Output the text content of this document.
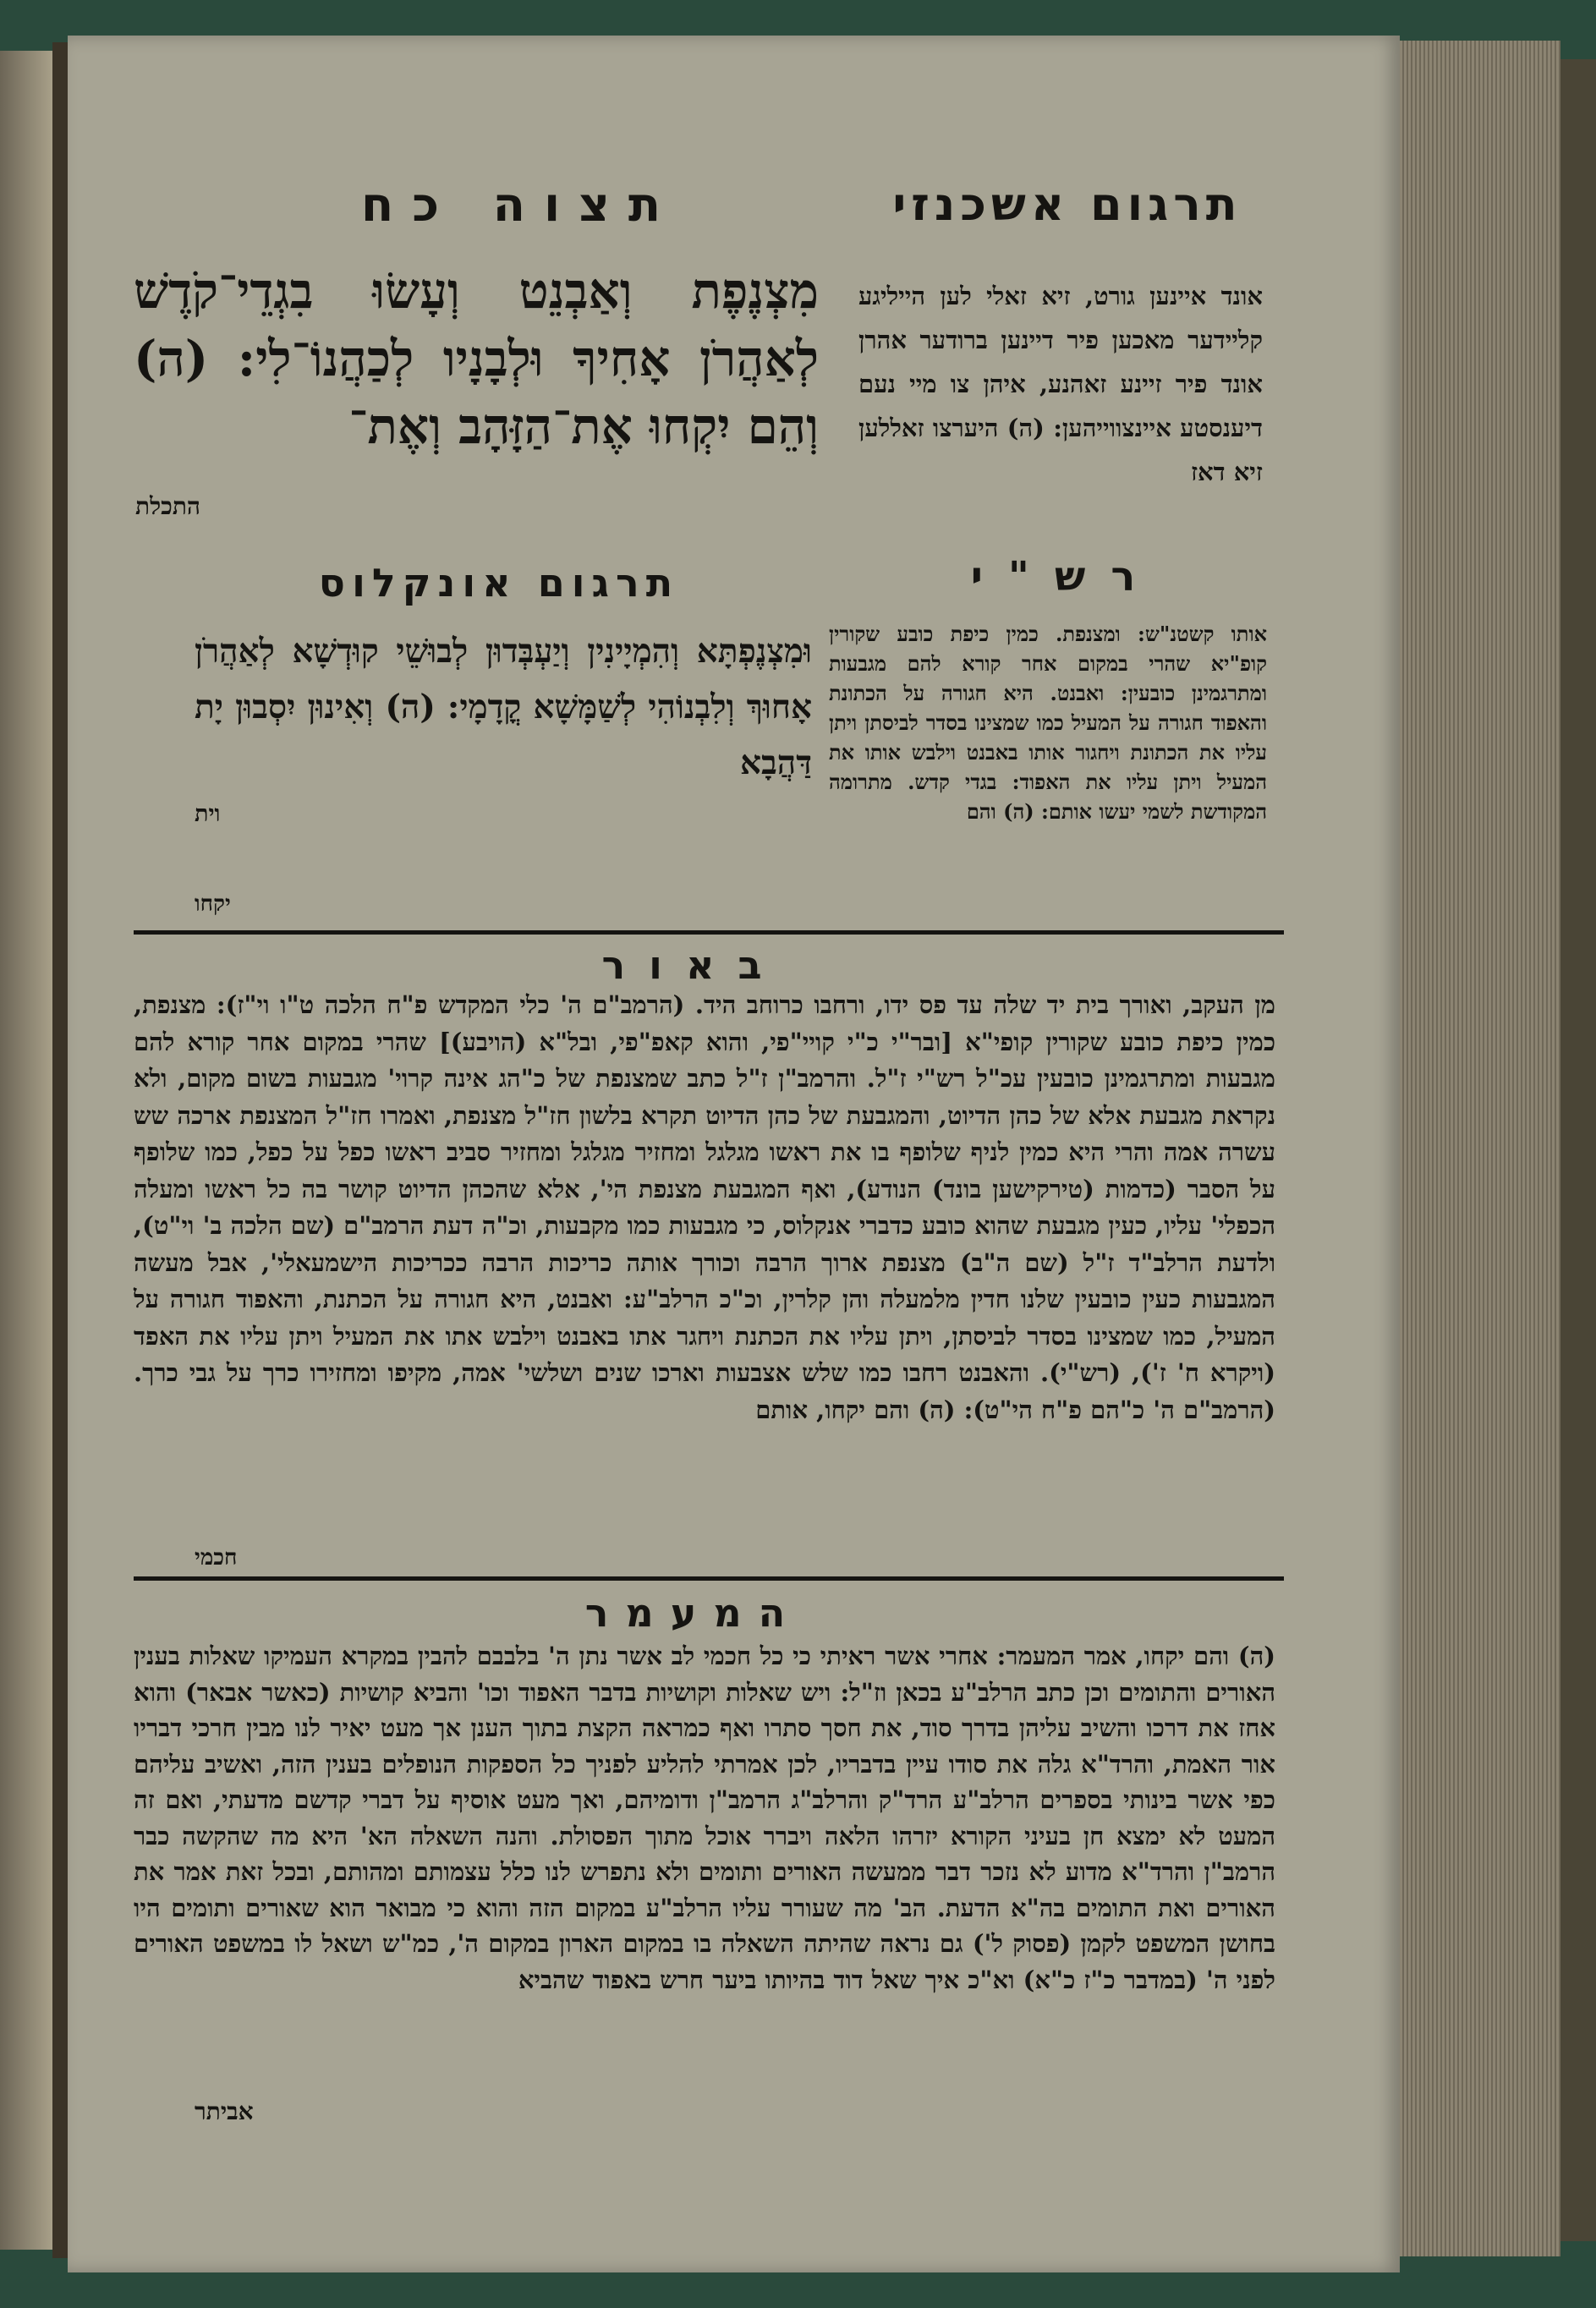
תרגום אשכנזי
תצוה כח

מִצְנֶפֶת וְאַבְנֵט וְעָשׂוּ בִגְדֵי־קֹדֶשׁ לְאַהֲרֹן אָחִיךָ וּלְבָנָיו לְכַהֲנוֹ־לִי: (ה) וְהֵם יִקְחוּ אֶת־הַזָּהָב וְאֶת־

התכלת

אונד איינען גורט, זיא זאלי לען הייליגע קליידער מאכען פיר דיינען ברודער אהרן אונד פיר זיינע זאהנע, איהן צו מיי נעם דיענסטע איינצווייהען: (ה) היערצו זאללען זיא דאז

רש"י
תרגום אונקלוס

וּמִצְנֶפְתָּא וְהִמְיָינִין וְיַעְבְּדוּן לְבוּשֵׁי קוּדְשָׁא לְאַהֲרֹן אָחוּךְ וְלִבְנוֹהִי לְשַׁמָּשָׁא קֳדָמָי: (ה) וְאִינוּן יִסְבוּן יָת דַּהֲבָא

וית

אותו קשטנ"ש: ומצנפת. כמין כיפת כובע שקורין קופ"יא שהרי במקום אחר קורא להם מגבעות ומתרגמינן כובעין: ואבנט. היא חגורה על הכתונת והאפוד חגורה על המעיל כמו שמצינו בסדר לביסתן ויתן עליו את הכתונת ויחגור אותו באבנט וילבש אותו את המעיל ויתן עליו את האפוד: בגדי קדש. מתרומה המקודשת לשמי יעשו אותם: (ה) והם

יקחו
באור

מן העקב, ואורך בית יד שלה עד פס ידו, ורחבו כרוחב היד. (הרמב"ם ה' כלי המקדש פ"ח הלכה ט"ו וי"ז): מצנפת, כמין כיפת כובע שקורין קופי"א [ובר"י כ"י קויי"פי, והוא קאפ"פי, ובל"א (הויבע)] שהרי במקום אחר קורא להם מגבעות ומתרגמינן כובעין עכ"ל רש"י ז"ל. והרמב"ן ז"ל כתב שמצנפת של כ"הג אינה קרוי' מגבעות בשום מקום, ולא נקראת מגבעת אלא של כהן הדיוט, והמגבעת של כהן הדיוט תקרא בלשון חז"ל מצנפת, ואמרו חז"ל המצנפת ארכה שש עשרה אמה והרי היא כמין לניף שלופף בו את ראשו מגלגל ומחזיר מגלגל ומחזיר סביב ראשו כפל על כפל, כמו שלופף על הסבר (כדמות (טירקישען בונד) הנודע), ואף המגבעת מצנפת הי', אלא שהכהן הדיוט קושר בה כל ראשו ומעלה הכפלי' עליו, כעין מגבעת שהוא כובע כדברי אנקלוס, כי מגבעות כמו מקבעות, וכ"ה דעת הרמב"ם (שם הלכה ב' וי"ט), ולדעת הרלב"ד ז"ל (שם ה"ב) מצנפת ארוך הרבה וכורך אותה כריכות הרבה ככריכות הישמעאלי', אבל מעשה המגבעות כעין כובעין שלנו חדין מלמעלה והן קלרין, וכ"כ הרלב"ע: ואבנט, היא חגורה על הכתנת, והאפוד חגורה על המעיל, כמו שמצינו בסדר לביסתן, ויתן עליו את הכתנת ויחגר אתו באבנט וילבש אתו את המעיל ויתן עליו את האפד (ויקרא ח' ז'), (רש"י). והאבנט רחבו כמו שלש אצבעות וארכו שנים ושלשי' אמה, מקיפו ומחזירו כרך על גבי כרך. (הרמב"ם ה' כ"הם פ"ח הי"ט): (ה) והם יקחו, אותם

חכמי
המעמר

(ה) והם יקחו, אמר המעמר: אחרי אשר ראיתי כי כל חכמי לב אשר נתן ה' בלבבם להבין במקרא העמיקו שאלות בענין האורים והתומים וכן כתב הרלב"ע בכאן וז"ל: ויש שאלות וקושיות בדבר האפוד וכו' והביא קושיות (כאשר אבאר) והוא אחז את דרכו והשיב עליהן בדרך סוד, את חסך סתרו ואף כמראה הקצת בתוך הענן אך מעט יאיר לנו מבין חרכי דבריו אור האמת, והרד"א גלה את סודו עיין בדבריו, לכן אמרתי להליע לפניך כל הספקות הנופלים בענין הזה, ואשיב עליהם כפי אשר בינותי בספרים הרלב"ע הרד"ק והרלב"ג הרמב"ן ודומיהם, ואך מעט אוסיף על דברי קדשם מדעתי, ואם זה המעט לא ימצא חן בעיני הקורא יזרהו הלאה ויברר אוכל מתוך הפסולת. והנה השאלה הא' היא מה שהקשה כבר הרמב"ן והרד"א מדוע לא נזכר דבר ממעשה האורים ותומים ולא נתפרש לנו כלל עצמותם ומהותם, ובכל זאת אמר את האורים ואת התומים בה"א הדעת. הב' מה שעורר עליו הרלב"ע במקום הזה והוא כי מבואר הוא שאורים ותומים היו בחושן המשפט לקמן (פסוק ל') גם נראה שהיתה השאלה בו במקום הארון במקום ה', כמ"ש ושאל לו במשפט האורים לפני ה' (במדבר כ"ז כ"א) וא"כ איך שאל דוד בהיותו ביער חרש באפוד שהביא

אביתר
